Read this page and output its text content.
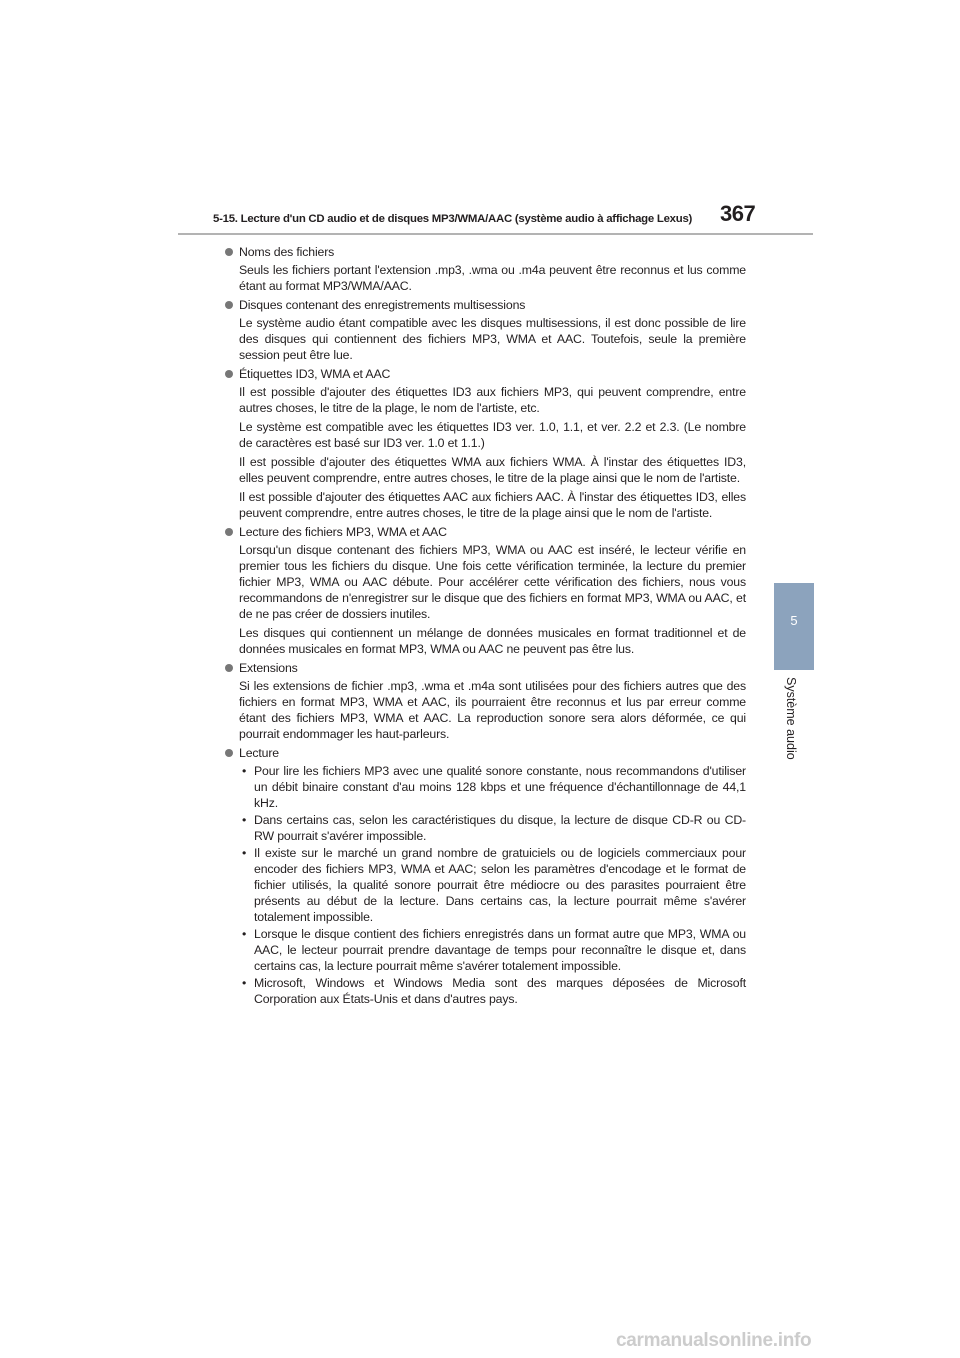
5-15. Lecture d'un CD audio et de disques MP3/WMA/AAC (système audio à affichage Lexus)	367
5
Système audio
Noms des fichiers
Seuls les fichiers portant l'extension .mp3, .wma ou .m4a peuvent être reconnus et lus comme étant au format MP3/WMA/AAC.
Disques contenant des enregistrements multisessions
Le système audio étant compatible avec les disques multisessions, il est donc possible de lire des disques qui contiennent des fichiers MP3, WMA et AAC. Toutefois, seule la première session peut être lue.
Étiquettes ID3, WMA et AAC
Il est possible d'ajouter des étiquettes ID3 aux fichiers MP3, qui peuvent comprendre, entre autres choses, le titre de la plage, le nom de l'artiste, etc.
Le système est compatible avec les étiquettes ID3 ver. 1.0, 1.1, et ver. 2.2 et 2.3. (Le nombre de caractères est basé sur ID3 ver. 1.0 et 1.1.)
Il est possible d'ajouter des étiquettes WMA aux fichiers WMA. À l'instar des étiquettes ID3, elles peuvent comprendre, entre autres choses, le titre de la plage ainsi que le nom de l'artiste.
Il est possible d'ajouter des étiquettes AAC aux fichiers AAC. À l'instar des étiquettes ID3, elles peuvent comprendre, entre autres choses, le titre de la plage ainsi que le nom de l'artiste.
Lecture des fichiers MP3, WMA et AAC
Lorsqu'un disque contenant des fichiers MP3, WMA ou AAC est inséré, le lecteur vérifie en premier tous les fichiers du disque. Une fois cette vérification terminée, la lecture du premier fichier MP3, WMA ou AAC débute. Pour accélérer cette vérification des fichiers, nous vous recommandons de n'enregistrer sur le disque que des fichiers en format MP3, WMA ou AAC, et de ne pas créer de dossiers inutiles.
Les disques qui contiennent un mélange de données musicales en format traditionnel et de données musicales en format MP3, WMA ou AAC ne peuvent pas être lus.
Extensions
Si les extensions de fichier .mp3, .wma et .m4a sont utilisées pour des fichiers autres que des fichiers en format MP3, WMA et AAC, ils pourraient être reconnus et lus par erreur comme étant des fichiers MP3, WMA et AAC. La reproduction sonore sera alors déformée, ce qui pourrait endommager les haut-parleurs.
Lecture
• Pour lire les fichiers MP3 avec une qualité sonore constante, nous recommandons d'utiliser un débit binaire constant d'au moins 128 kbps et une fréquence d'échantillonnage de 44,1 kHz.
• Dans certains cas, selon les caractéristiques du disque, la lecture de disque CD-R ou CD-RW pourrait s'avérer impossible.
• Il existe sur le marché un grand nombre de gratuiciels ou de logiciels commerciaux pour encoder des fichiers MP3, WMA et AAC; selon les paramètres d'encodage et le format de fichier utilisés, la qualité sonore pourrait être médiocre ou des parasites pourraient être présents au début de la lecture. Dans certains cas, la lecture pourrait même s'avérer totalement impossible.
• Lorsque le disque contient des fichiers enregistrés dans un format autre que MP3, WMA ou AAC, le lecteur pourrait prendre davantage de temps pour reconnaître le disque et, dans certains cas, la lecture pourrait même s'avérer totalement impossible.
• Microsoft, Windows et Windows Media sont des marques déposées de Microsoft Corporation aux États-Unis et dans d'autres pays.
carmanualsonline.info
